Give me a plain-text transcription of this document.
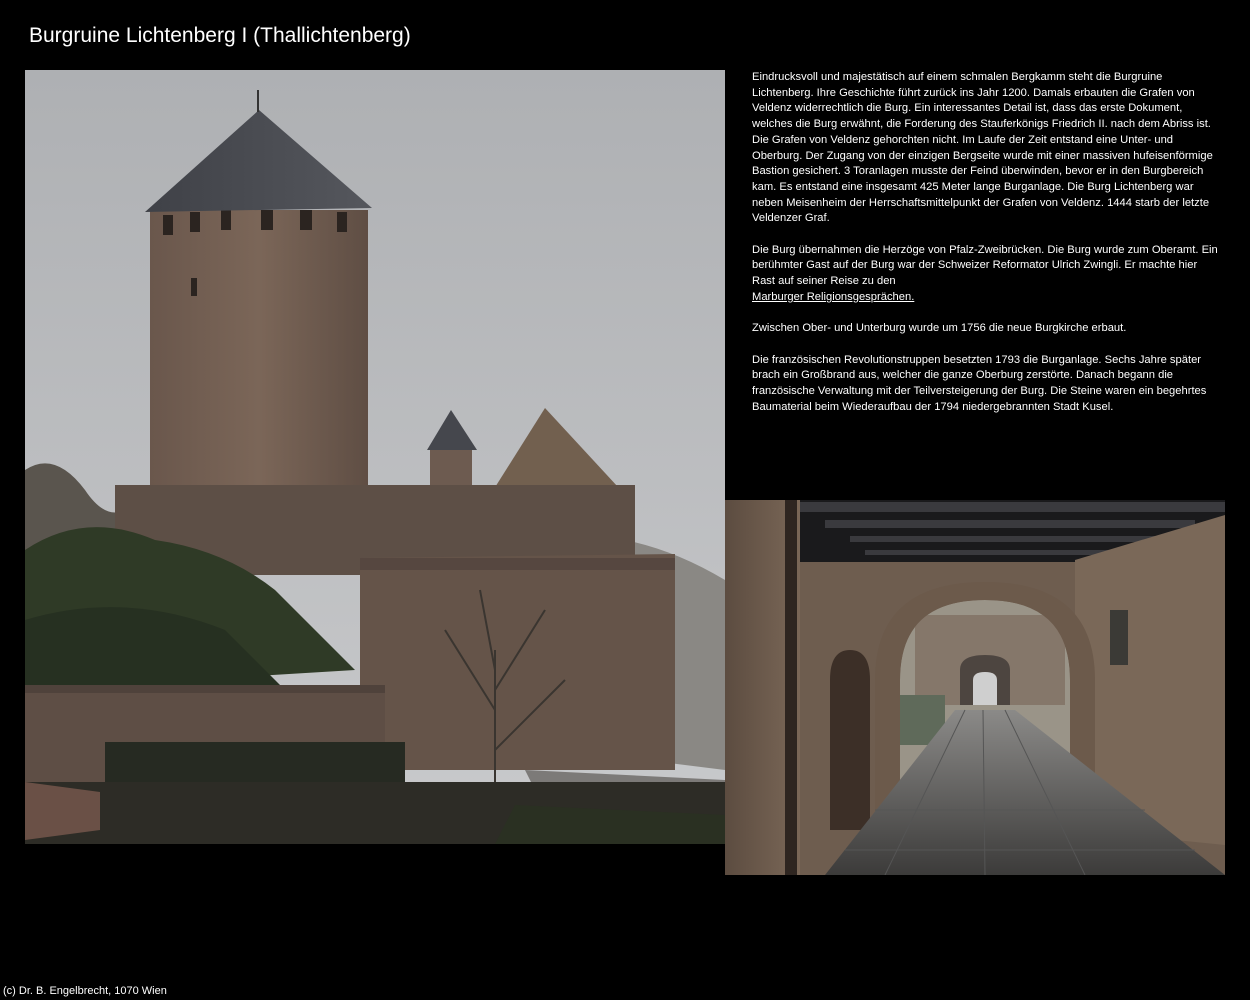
Burgruine Lichtenberg I (Thallichtenberg)

Eindrucksvoll und majestätisch auf einem schmalen Bergkamm steht die Burgruine Lichtenberg. Ihre Geschichte führt zurück ins Jahr 1200. Damals erbauten die Grafen von Veldenz widerrechtlich die Burg. Ein interessantes Detail ist, dass das erste Dokument, welches die Burg erwähnt, die Forderung des Stauferkönigs Friedrich II. nach dem Abriss ist. Die Grafen von Veldenz gehorchten nicht. Im Laufe der Zeit entstand eine Unter- und Oberburg. Der Zugang von der einzigen Bergseite wurde mit einer massiven hufeisenförmige Bastion gesichert. 3 Toranlagen musste der Feind überwinden, bevor er in den Burgbereich kam. Es entstand eine insgesamt 425 Meter lange Burganlage. Die Burg Lichtenberg war neben Meisenheim der Herrschaftsmittelpunkt der Grafen von Veldenz. 1444 starb der letzte Veldenzer Graf.

Die Burg übernahmen die Herzöge von Pfalz-Zweibrücken. Die Burg wurde zum Oberamt. Ein berühmter Gast auf der Burg war der Schweizer Reformator Ulrich Zwingli. Er machte hier Rast auf seiner Reise zu den
Marburger Religionsgesprächen.

Zwischen Ober- und Unterburg wurde um 1756 die neue Burgkirche erbaut.

Die französischen Revolutionstruppen besetzten 1793 die Burganlage. Sechs Jahre später brach ein Großbrand aus, welcher die ganze Oberburg zerstörte. Danach begann die französische Verwaltung mit der Teilversteigerung der Burg. Die Steine waren ein begehrtes Baumaterial beim Wiederaufbau der 1794 niedergebrannten Stadt Kusel.

(c) Dr. B. Engelbrecht, 1070 Wien
